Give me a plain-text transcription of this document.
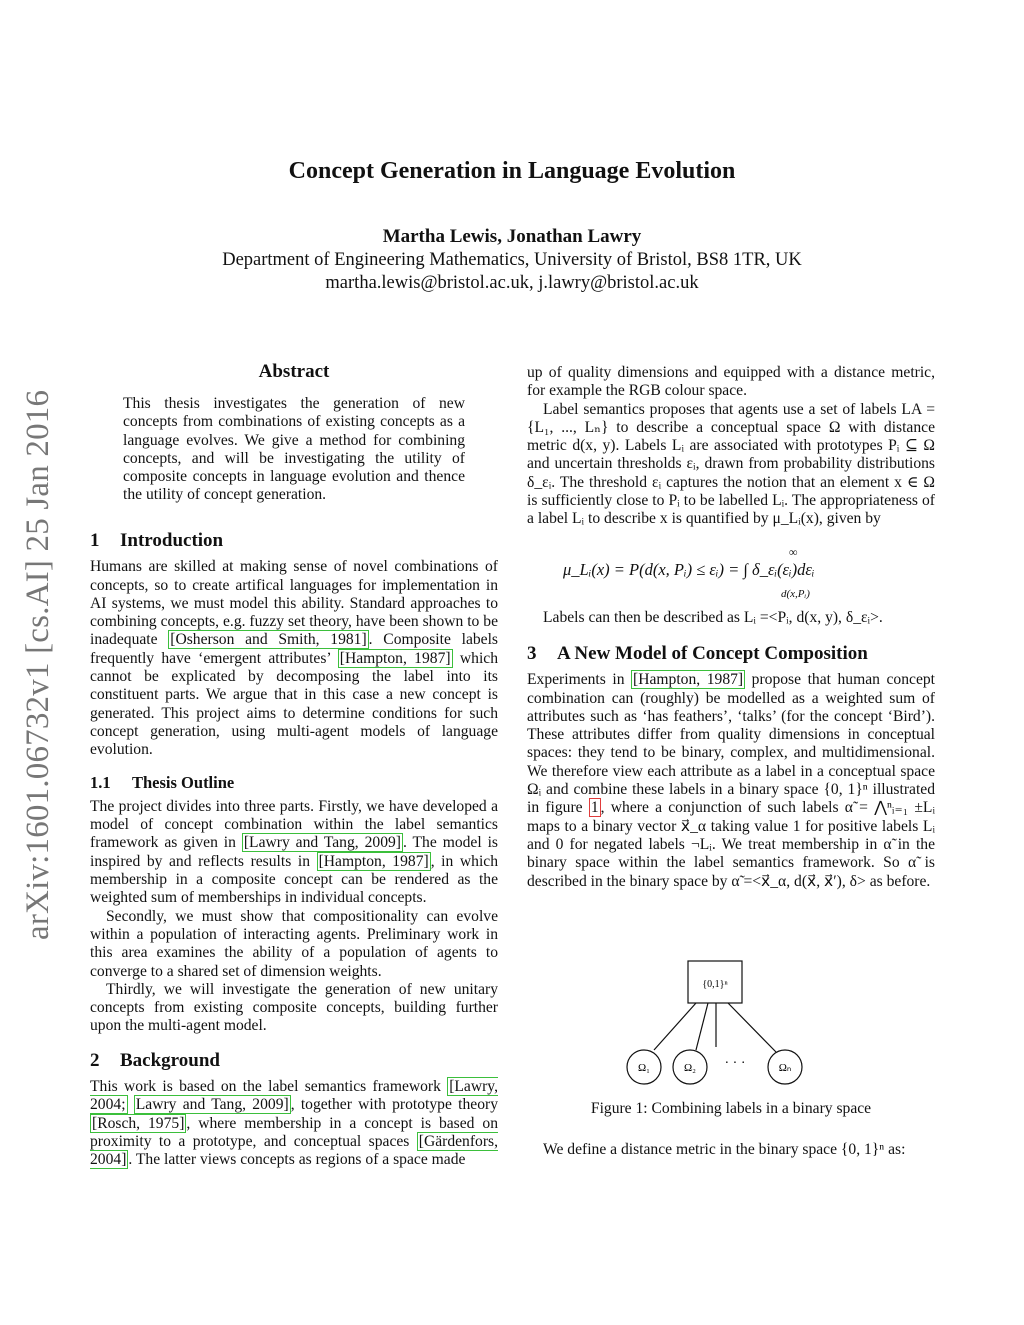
Concept Generation in Language Evolution
Martha Lewis, Jonathan Lawry
Department of Engineering Mathematics, University of Bristol, BS8 1TR, UK
martha.lewis@bristol.ac.uk, j.lawry@bristol.ac.uk
arXiv:1601.06732v1 [cs.AI] 25 Jan 2016
Abstract
This thesis investigates the generation of new concepts from combinations of existing concepts as a language evolves. We give a method for combining concepts, and will be investigating the utility of composite concepts in language evolution and thence the utility of concept generation.
1 Introduction

Humans are skilled at making sense of novel combinations of concepts, so to create artifical languages for implementation in AI systems, we must model this ability. Standard approaches to combining concepts, e.g. fuzzy set theory, have been shown to be inadequate [Osherson and Smith, 1981] . Composite labels frequently have ‘emergent attributes’ [Hampton, 1987] which cannot be explicated by decomposing the label into its constituent parts. We argue that in this case a new concept is generated. This project aims to determine conditions for such concept generation, using multi-agent models of language evolution.

1.1 Thesis Outline

The project divides into three parts. Firstly, we have developed a model of concept combination within the label semantics framework as given in [Lawry and Tang, 2009] . The model is inspired by and reflects results in [Hampton, 1987] , in which membership in a composite concept can be rendered as the weighted sum of memberships in individual concepts.

Secondly, we must show that compositionality can evolve within a population of interacting agents. Preliminary work in this area examines the ability of a population of agents to converge to a shared set of dimension weights.

Thirdly, we will investigate the generation of new unitary concepts from existing composite concepts, building further upon the multi-agent model.

2 Background

This work is based on the label semantics framework [Lawry, 2004; Lawry and Tang, 2009] , together with prototype theory [Rosch, 1975] , where membership in a concept is based on proximity to a prototype, and conceptual spaces [Gärdenfors, 2004] . The latter views concepts as regions of a space made

up of quality dimensions and equipped with a distance metric, for example the RGB colour space.

Label semantics proposes that agents use a set of labels LA = {L₁, ..., Lₙ} to describe a conceptual space Ω with distance metric d(x, y). Labels Lᵢ are associated with prototypes Pᵢ ⊆ Ω and uncertain thresholds εᵢ, drawn from probability distributions δ_εᵢ. The threshold εᵢ captures the notion that an element x ∈ Ω is sufficiently close to Pᵢ to be labelled Lᵢ. The appropriateness of a label Lᵢ to describe x is quantified by μ_Lᵢ(x), given by

μ_Lᵢ(x) = P(d(x, Pᵢ) ≤ εᵢ) = ∫ δ_εᵢ(εᵢ)dεᵢ
∞
d(x,Pᵢ)

Labels can then be described as Lᵢ =<Pᵢ, d(x, y), δ_εᵢ>.

3 A New Model of Concept Composition

Experiments in [Hampton, 1987] propose that human concept combination can (roughly) be modelled as a weighted sum of attributes such as ‘has feathers’, ‘talks’ (for the concept ‘Bird’). These attributes differ from quality dimensions in conceptual spaces: they tend to be binary, complex, and multidimensional. We therefore view each attribute as a label in a conceptual space Ωᵢ and combine these labels in a binary space {0, 1}ⁿ illustrated in figure 1 , where a conjunction of such labels α̃ = ⋀ⁿᵢ₌₁ ±Lᵢ maps to a binary vector x⃗_α taking value 1 for positive labels Lᵢ and 0 for negated labels ¬Lᵢ. We treat membership in α̃ in the binary space within the label semantics framework. So α̃ is described in the binary space by α̃ =<x⃗_α, d(x⃗, x⃗′), δ> as before.

{0,1}ⁿ
Ω₁	Ω₂	Ωₙ
· · ·
Figure 1: Combining labels in a binary space
We define a distance metric in the binary space {0, 1}ⁿ as:
